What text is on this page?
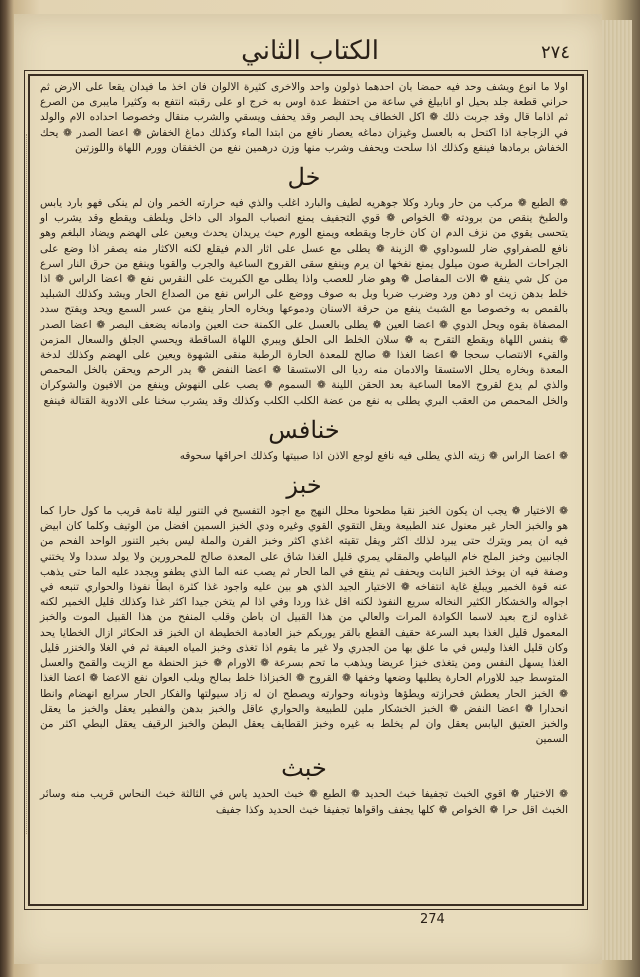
الكتاب الثاني	٢٧٤

اولا ما انوع ويشف وحد فيه حمضا بان احدهما ذولون واحد والاخرى كثيرة الالوان فان اخذ ما فيدان يقعا على الارض ثم حراني قطعة جلد بحيل او انابيلغ في ساعة من احتفظ عدة اوس به خرج او على رقبته انتفع به وكثيرا مايبرى من الصرع ثم اذاما قال وقد جربت ذلك ❁ اكل الخطاف يحد البصر وقد يحفف ويسقي والشرب منقال وخصوصا احداده الام والولد في الزجاجة اذا اكتحل به بالعسل وغيزان دماغه يعصار نافع من ابتدا الماء وكذلك دماغ الخفاش ❁ اعضا الصدر ❁ يحك الخفاش برمادها فينفع وكذلك اذا سلحت ويحفف وشرب منها وزن درهمين نفع من الخفقان وورم اللهاة واللوزتين

خل

❁ الطبع ❁ مركب من حار وبارد وكلا جوهريه لطيف والبارد اغلب والذي فيه حرارته الخمر وان لم ينكى فهو بارد يابس والطبخ ينقص من برودته ❁ الخواص ❁ قوي التجفيف يمنع انصباب المواد الى داخل ويلطف ويقطع وقد يشرب او يتحسى يقوي من نزف الدم ان كان خارجا ويقطعه ويمنع الورم حيث يريدان يحدث ويعين على الهضم ويضاد البلغم وهو نافع للصفراوي ضار للسوداوي ❁ الزينة ❁ يطلى مع عسل على اثار الدم فيقلع لكنه الاكثار منه يصفر اذا وضع على الجراحات الطرية صون ميلول يمنع نفخها ان يرم وينفع سقى القروح الساعية والجرب والقوبا وينفع من حرق النار اسرع من كل شي ينفع ❁ الات المفاصل ❁ وهو ضار للعصب واذا يطلى مع الكبريت على النقرس نفع ❁ اعضا الراس ❁ اذا خلط بدهن زيت او دهن ورد وضرب ضربا وبل به صوف ووضع على الراس نفع من الصداع الحار ويشد وكذلك الشبليد بالقمص به وخصوصا مع الشبث ينفع من حرقة الاسنان ودموعها وبخاره الحار ينفع من عسر السمع ويحد ويفتح سدد المصفاة بقوه ويحل الدوي ❁ اعضا العين ❁ يطلى بالعسل على الكمنة حت العين وادمانه يضعف البصر ❁ اعضا الصدر ❁ ينفس اللهاة ويقطع التقرح به ❁ سلان الخلط الى الحلق ويبري اللهاة الساقطة ويحسي الجلق والسعال المزمن والقيء الانتصاب سحجا ❁ اعضا الغذا ❁ صالح للمعدة الحارة الرطبة منقى الشهوة ويعين على الهضم وكذلك لدخة المعدة وبخاره يحلل الاستسقا والادمان منه رديا الى الاستسقا ❁ اعضا النفض ❁ يدر الرحم ويحقن بالخل المحمص والذي لم يدع لقروح الامعا الساعية بعد الحقن اللينة ❁ السموم ❁ يصب على النهوش وينفع من الافيون والشوكران والخل المحمص من العقب البري يطلى به نفع من عضة الكلب الكلب وكذلك وقد يشرب سخنا على الادوية القتالة فينفع

خنافس

❁ اعضا الراس ❁ زيته الذي يطلى فيه نافع لوجع الاذن اذا صبيتها وكذلك احراقها سحوقه

خبز

❁ الاختيار ❁ يجب ان يكون الخبز نقيا مطحونا محلل النهج مع اجود التفسيح في التنور ليلة تامة قريب ما كول حارا كما هو والخبز الحار غير معنول عند الطبيعة ويقل التقوي القوي وغيره ودي الخبز السمين افضل من الوتيف وكلما كان ابيض فيه ان يمر ويترك حتى يبرد لذلك اكثر ويقل تقيته اغذي اكثر وخبز الفرن والملة ليس بخير التنور الواحد الفحم من الجانبين وخبز الملح خام البياطي والمقلي يمري قليل الغذا شاق على المعدة صالح للمحرورين ولا يولد سددا ولا يختني وصفة فيه ان يوخذ الخبز النابت ويحفف ثم ينقع في الما الحار ثم يصب عنه الما الذي يطفو ويجدد عليه الما حتى يذهب عنه قوة الخمير ويبلغ غاية انتفاخه ❁ الاختيار الجيد الذي هو بين عليه واجود غذا كثرة ابطأ نفوذا والحواري تنبعه في اجواله والخشكار الكثير النخاله سريع النفوذ لكنه اقل غذا وردا وفي اذا لم يتخن جيدا اكثر غذا وكذلك قليل الخمير لكنه غذاوه لزج بعيد لاسما الكوادة المرات والعالي من هذا القبيل ان باطن وقلب المنفح من هذا القبيل الموت والخبز المعمول قليل الغذا بعيد السرعة حقيف القطع بالقر يوربكم خبز العادمة الخطيطة ان الخبز قد الحكاثر ازال الخطايا يحد وكان قليل الغذا وليس في ما علق بها من الجدري ولا غير ما يقوم اذا تغذى وخبز المياه العيفة ثم في الغلا والخنزر قليل الغذا يسهل النفس ومن يتغذى خبزا عريضا ويذهب ما تحم بسرعة ❁ الاورام ❁ خبز الحنطة مع الزيت والقمح والعسل المتوسط جيد للاورام الحارة يطليها وضعها وخفها ❁ القروح ❁ الخبزاذا خلط بمالح ويلب العوان نفع الاعضا ❁ اعضا الغذا ❁ الخبز الحار يعطش فحرازته ويطؤها وذوبانه وحوارته ويصطح ان له زاد سيولتها والفكار الحار سرايع انهضام وانطا انحدارا ❁ اعضا النفض ❁ الخبز الخشكار ملين للطبيعة والحواري عاقل والخبز بدهن والفطير يعقل والخبز ما يعقل والخبز العتيق اليابس يعقل وان لم يخلط به غيره وخبز القطايف يعقل البطن والخبز الرقيف يعقل البطي اكثر من السمين

خبث

❁ الاختيار ❁ اقوي الخبث تجفيفا خبث الحديد ❁ الطبع ❁ خبث الحديد ياس في الثالثة خبث النحاس قريب منه وسائر الخبث اقل حرا ❁ الخواص ❁ كلها يجفف واقواها تجفيفا خبث الحديد وكذا جفيف

274
